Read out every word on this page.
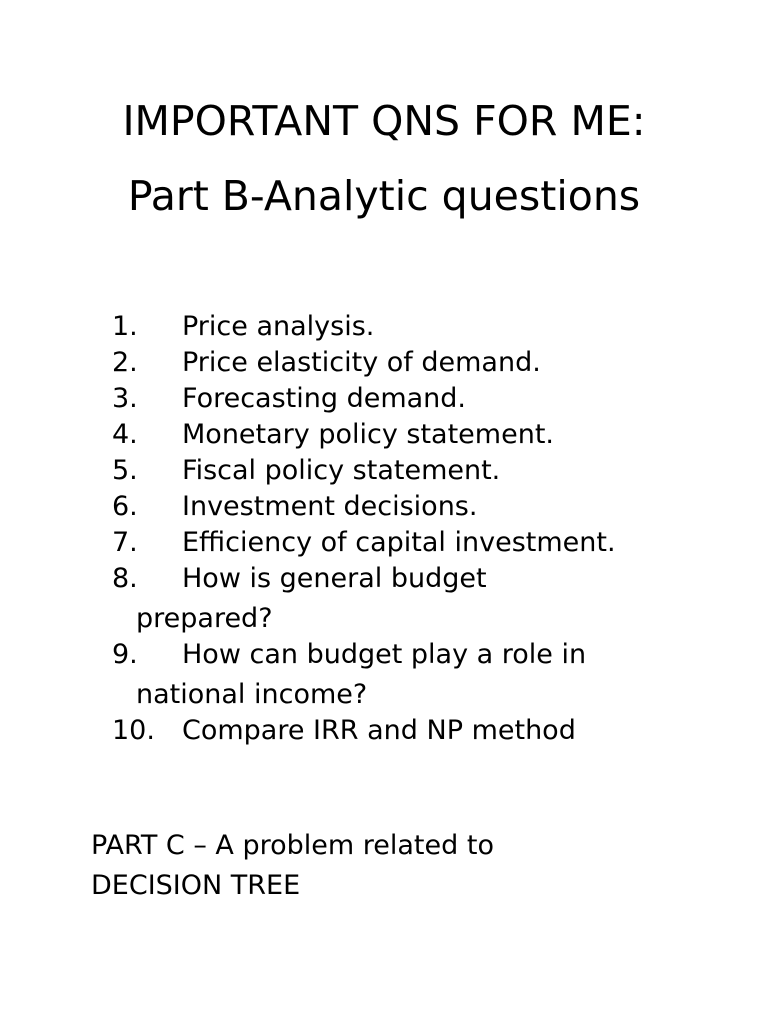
IMPORTANT QNS FOR ME:
Part B-Analytic questions
1. Price analysis.
2. Price elasticity of demand.
3. Forecasting demand.
4. Monetary policy statement.
5. Fiscal policy statement.
6. Investment decisions.
7. Efficiency of capital investment.
8. How is general budget
prepared?
9. How can budget play a role in
national income?
10. Compare IRR and NP method
PART C – A problem related to
DECISION TREE
